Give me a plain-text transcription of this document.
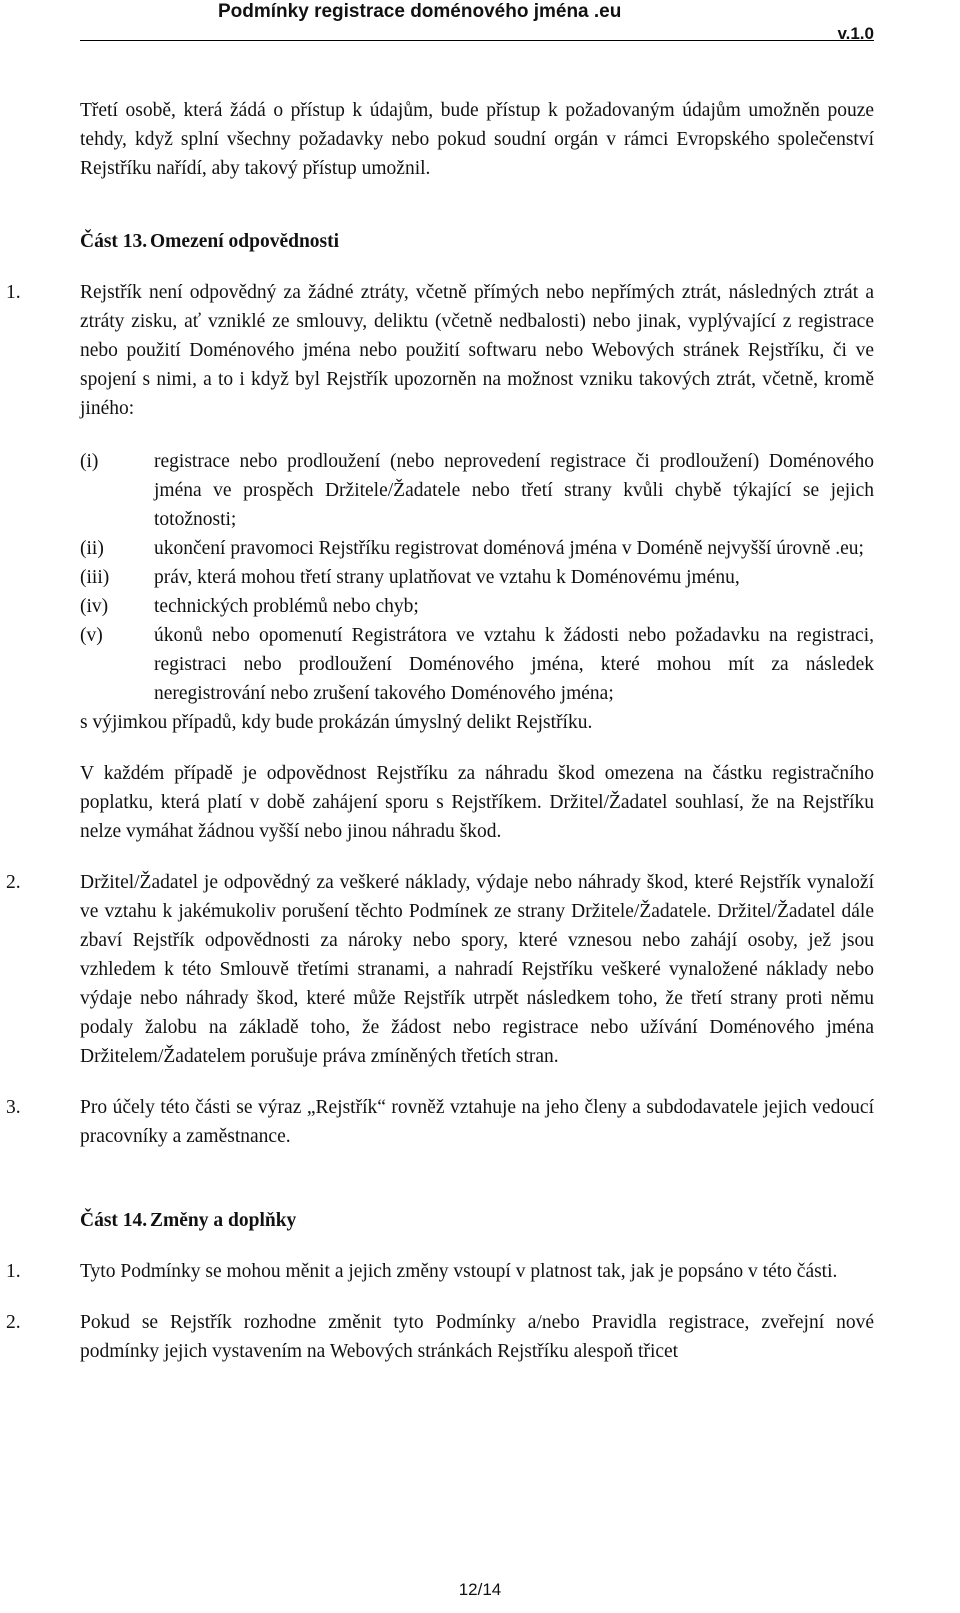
Podmínky registrace doménového jména .eu
v.1.0

Třetí osobě, která žádá o přístup k údajům, bude přístup k požadovaným údajům umožněn pouze tehdy, když splní všechny požadavky nebo pokud soudní orgán v rámci Evropského společenství Rejstříku nařídí, aby takový přístup umožnil.

Část 13. Omezení odpovědnosti
1.	Rejstřík není odpovědný za žádné ztráty, včetně přímých nebo nepřímých ztrát, následných ztrát a ztráty zisku, ať vzniklé ze smlouvy, deliktu (včetně nedbalosti) nebo jinak, vyplývající z registrace nebo použití Doménového jména nebo použití softwaru nebo Webových stránek Rejstříku, či ve spojení s nimi, a to i když byl Rejstřík upozorněn na možnost vzniku takových ztrát, včetně, kromě jiného:
(i)	registrace nebo prodloužení (nebo neprovedení registrace či prodloužení) Doménového jména ve prospěch Držitele/Žadatele nebo třetí strany kvůli chybě týkající se jejich totožnosti;
(ii)	ukončení pravomoci Rejstříku registrovat doménová jména v Doméně nejvyšší úrovně .eu;
(iii) práv, která mohou třetí strany uplatňovat ve vztahu k Doménovému jménu,
(iv) technických problémů nebo chyb;
(v)	úkonů nebo opomenutí Registrátora ve vztahu k žádosti nebo požadavku na registraci, registraci nebo prodloužení Doménového jména, které mohou mít za následek neregistrování nebo zrušení takového Doménového jména;

s výjimkou případů, kdy bude prokázán úmyslný delikt Rejstříku.

V každém případě je odpovědnost Rejstříku za náhradu škod omezena na částku registračního poplatku, která platí v době zahájení sporu s Rejstříkem. Držitel/Žadatel souhlasí, že na Rejstříku nelze vymáhat žádnou vyšší nebo jinou náhradu škod.

2.	Držitel/Žadatel je odpovědný za veškeré náklady, výdaje nebo náhrady škod, které Rejstřík vynaloží ve vztahu k jakémukoliv porušení těchto Podmínek ze strany Držitele/Žadatele. Držitel/Žadatel dále zbaví Rejstřík odpovědnosti za nároky nebo spory, které vznesou nebo zahájí osoby, jež jsou vzhledem k této Smlouvě třetími stranami, a nahradí Rejstříku veškeré vynaložené náklady nebo výdaje nebo náhrady škod, které může Rejstřík utrpět následkem toho, že třetí strany proti němu podaly žalobu na základě toho, že žádost nebo registrace nebo užívání Doménového jména Držitelem/Žadatelem porušuje práva zmíněných třetích stran.
3.	Pro účely této části se výraz „Rejstřík“ rovněž vztahuje na jeho členy a subdodavatele jejich vedoucí pracovníky a zaměstnance.
Část 14. Změny a doplňky
1.	Tyto Podmínky se mohou měnit a jejich změny vstoupí v platnost tak, jak je popsáno v této části.
2.	Pokud se Rejstřík rozhodne změnit tyto Podmínky a/nebo Pravidla registrace, zveřejní nové podmínky jejich vystavením na Webových stránkách Rejstříku alespoň třicet
12/14
